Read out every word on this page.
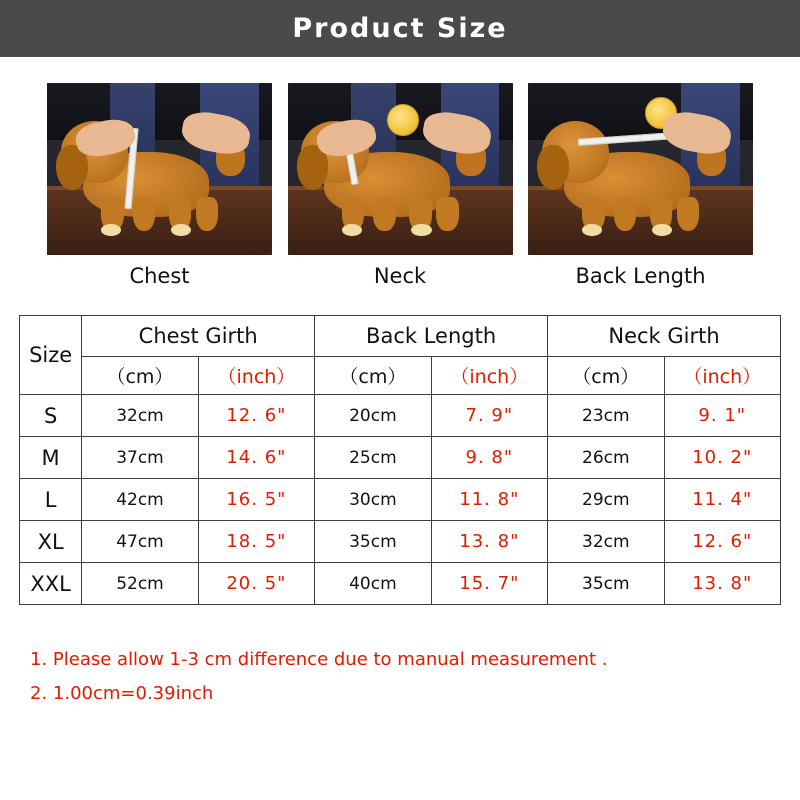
Product Size
Chest	Neck	Back Length
Size	Chest Girth		Back Length		Neck Girth	
	（cm）	（inch）	（cm）	（inch）	（cm）	（inch）
S	32cm	12. 6"	20cm	7. 9"	23cm	9. 1"
M	37cm	14. 6"	25cm	9. 8"	26cm	10. 2"
L	42cm	16. 5"	30cm	11. 8"	29cm	11. 4"
XL	47cm	18. 5"	35cm	13. 8"	32cm	12. 6"
XXL	52cm	20. 5"	40cm	15. 7"	35cm	13. 8"
1. Please allow 1-3 cm difference due to manual measurement .
2. 1.00cm=0.39inch
